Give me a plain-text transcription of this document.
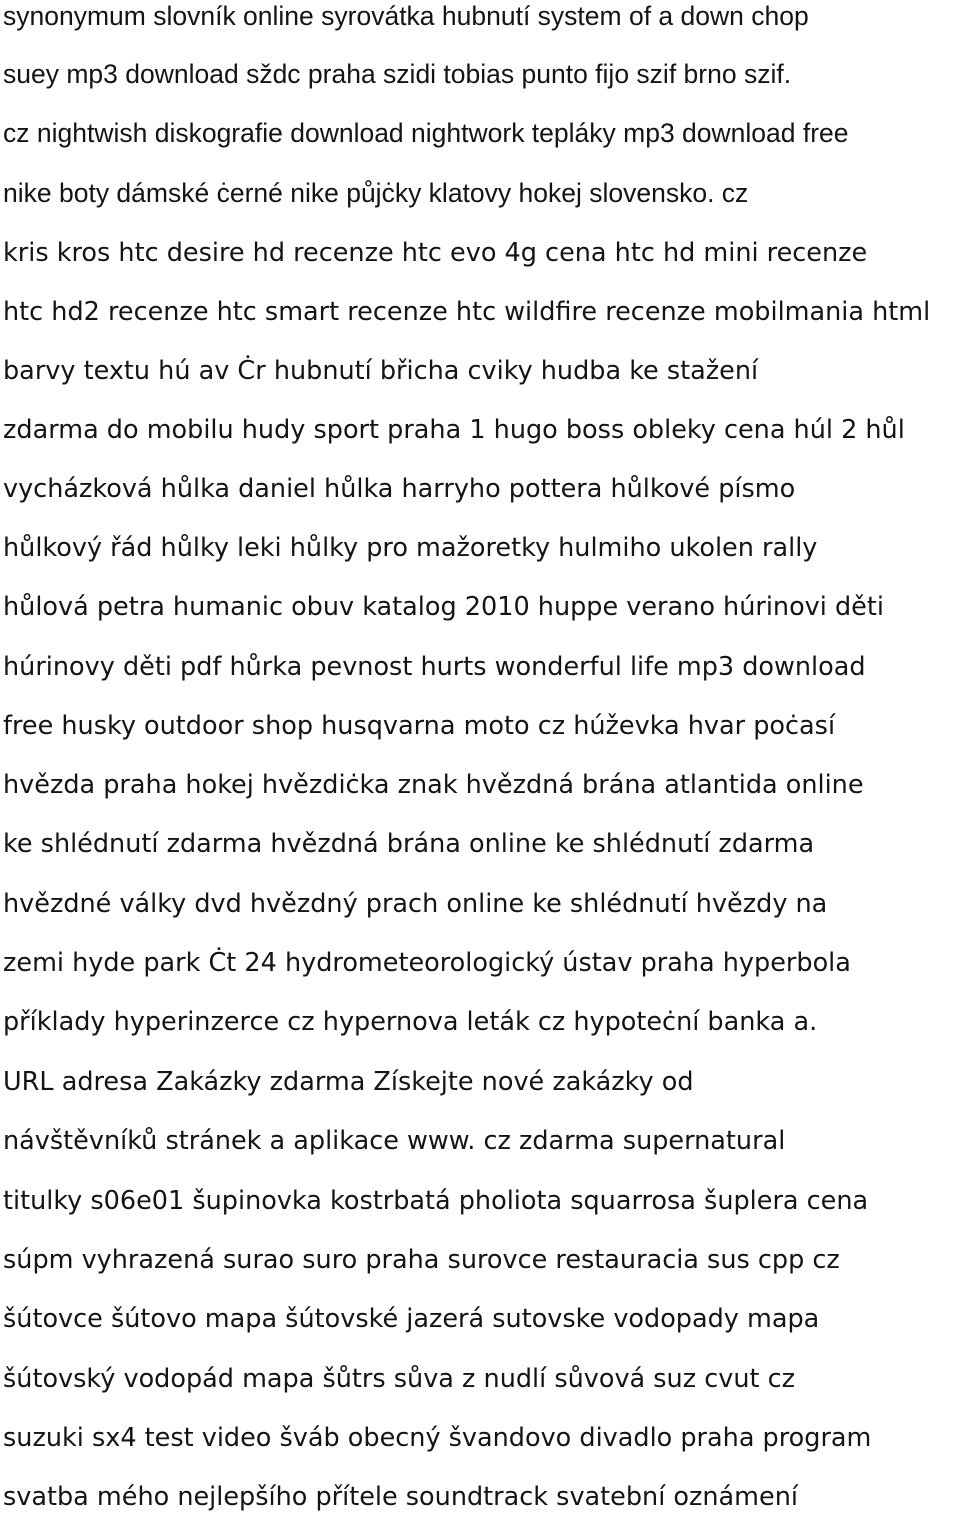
synonymum slovník online syrovátka hubnutí system of a down chop
suey mp3 download sždc praha szidi tobias punto fijo szif brno szif.
cz nightwish diskografie download nightwork tepláky mp3 download free
nike boty dámské ċerné nike půjċky klatovy hokej slovensko. cz
kris kros htc desire hd recenze htc evo 4g cena htc hd mini recenze
htc hd2 recenze htc smart recenze htc wildfire recenze mobilmania html
barvy textu hú av Ċr hubnutí břicha cviky hudba ke stažení
zdarma do mobilu hudy sport praha 1 hugo boss obleky cena húl 2 hůl
vycházková hůlka daniel hůlka harryho pottera hůlkové písmo
hůlkový řád hůlky leki hůlky pro mažoretky hulmiho ukolen rally
hůlová petra humanic obuv katalog 2010 huppe verano húrinovi děti
húrinovy děti pdf hůrka pevnost hurts wonderful life mp3 download
free husky outdoor shop husqvarna moto cz húževka hvar poċasí
hvězda praha hokej hvězdiċka znak hvězdná brána atlantida online
ke shlédnutí zdarma hvězdná brána online ke shlédnutí zdarma
hvězdné války dvd hvězdný prach online ke shlédnutí hvězdy na
zemi hyde park Ċt 24 hydrometeorologický ústav praha hyperbola
příklady hyperinzerce cz hypernova leták cz hypoteċní banka a.
URL adresa Zakázky zdarma Získejte nové zakázky od
návštěvníků stránek a aplikace www. cz zdarma supernatural
titulky s06e01 šupinovka kostrbatá pholiota squarrosa šuplera cena
súpm vyhrazená surao suro praha surovce restauracia sus cpp cz
šútovce šútovo mapa šútovské jazerá sutovske vodopady mapa
šútovský vodopád mapa šůtrs sůva z nudlí sůvová suz cvut cz
suzuki sx4 test video šváb obecný švandovo divadlo praha program
svatba mého nejlepšího přítele soundtrack svatební oznámení
